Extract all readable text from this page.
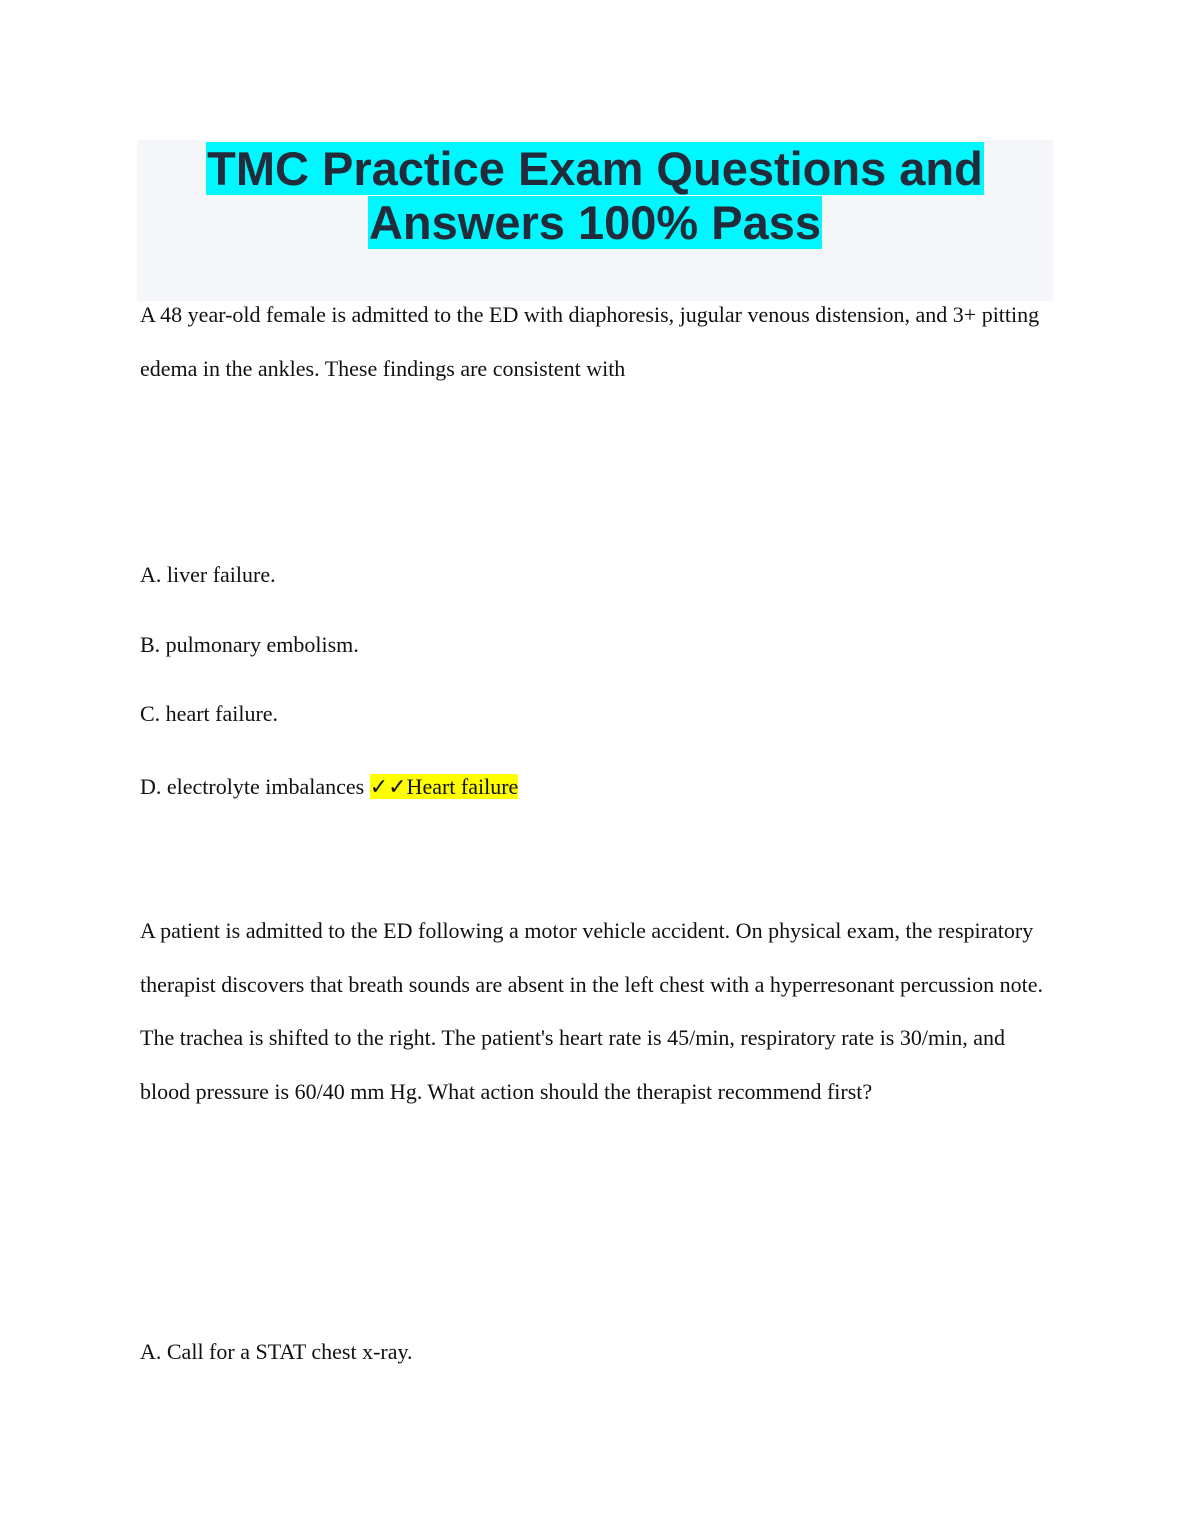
TMC Practice Exam Questions and
Answers 100% Pass

A 48 year-old female is admitted to the ED with diaphoresis, jugular venous distension, and 3+ pitting edema in the ankles. These findings are consistent with

A. liver failure.

B. pulmonary embolism.

C. heart failure.

D. electrolyte imbalances ✓✓Heart failure

A patient is admitted to the ED following a motor vehicle accident. On physical exam, the respiratory therapist discovers that breath sounds are absent in the left chest with a hyperresonant percussion note. The trachea is shifted to the right. The patient's heart rate is 45/min, respiratory rate is 30/min, and blood pressure is 60/40 mm Hg. What action should the therapist recommend first?

A. Call for a STAT chest x-ray.
